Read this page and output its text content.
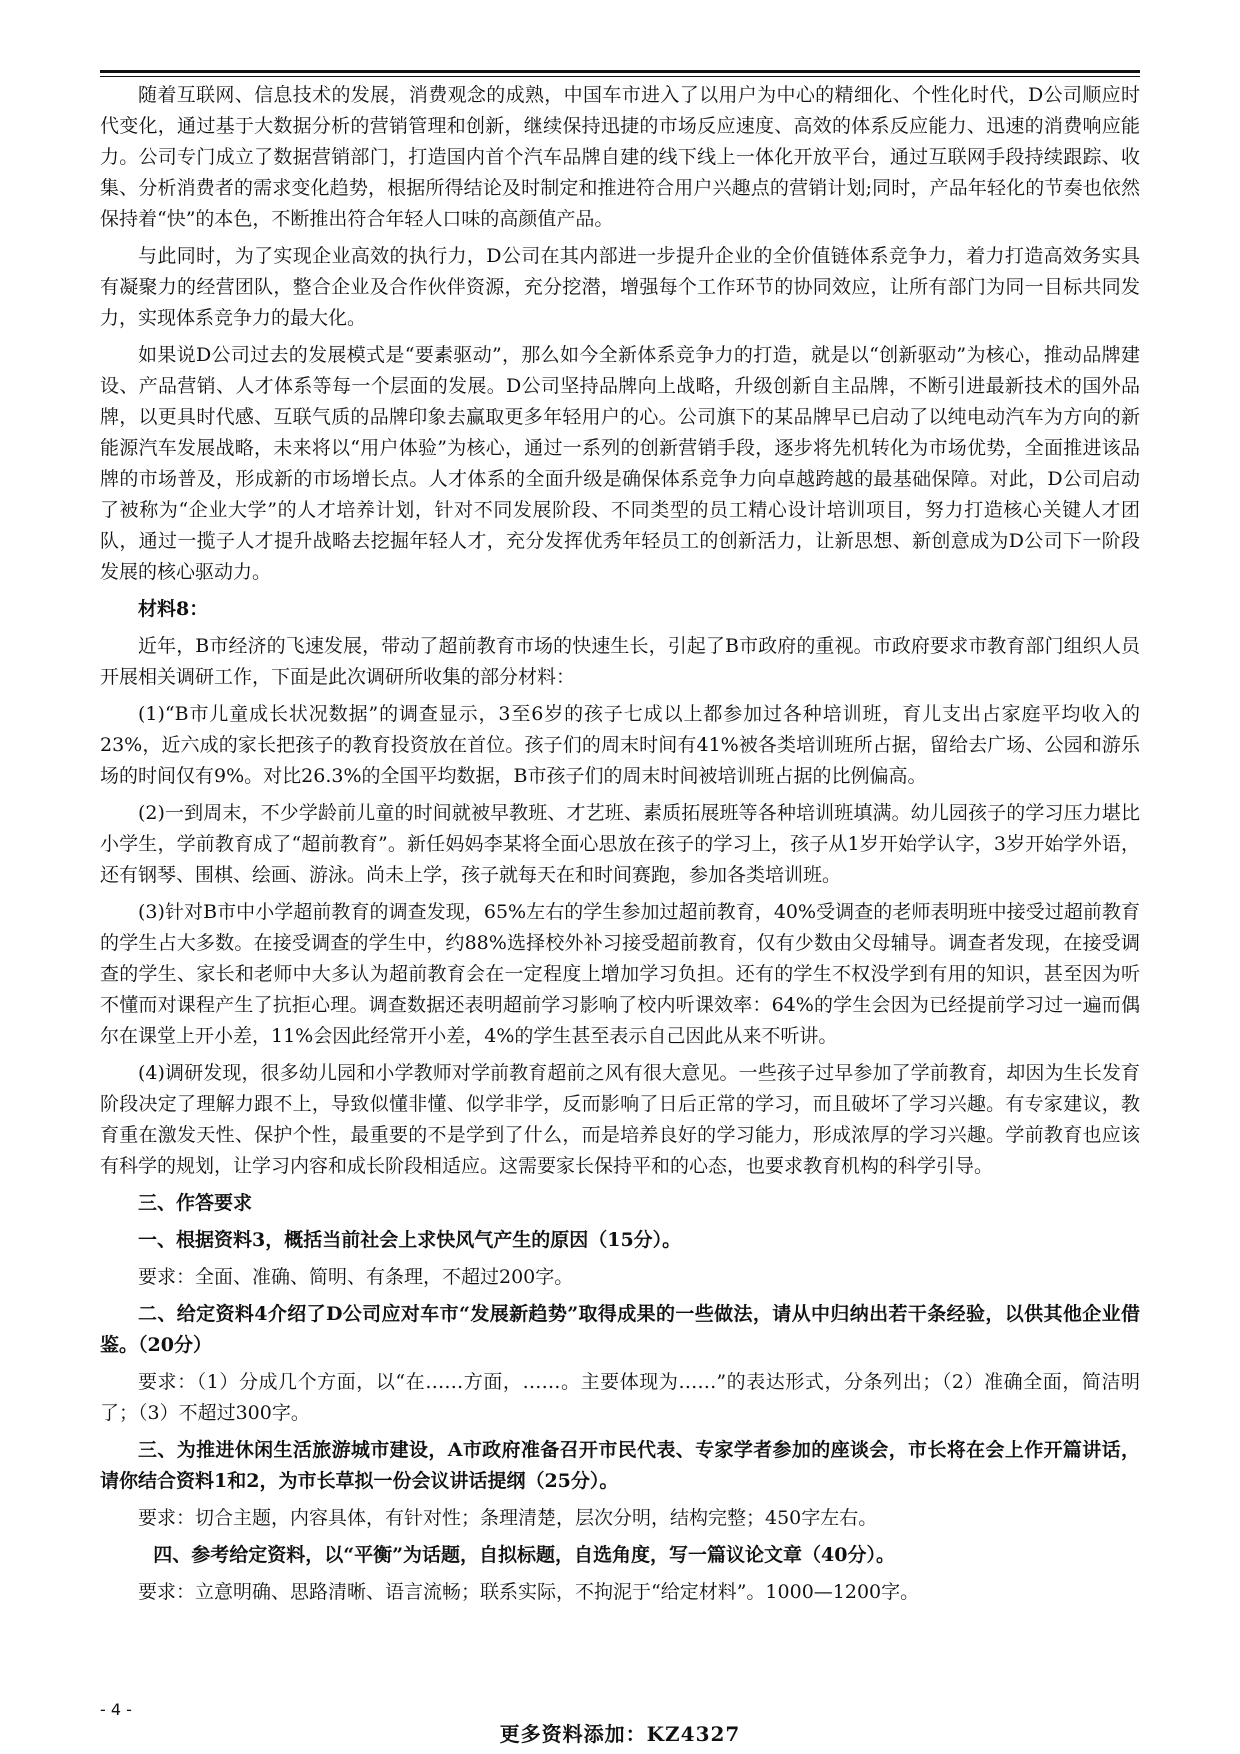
随着互联网、信息技术的发展，消费观念的成熟，中国车市进入了以用户为中心的精细化、个性化时代，D公司顺应时代变化，通过基于大数据分析的营销管理和创新，继续保持迅捷的市场反应速度、高效的体系反应能力、迅速的消费响应能力。公司专门成立了数据营销部门，打造国内首个汽车品牌自建的线下线上一体化开放平台，通过互联网手段持续跟踪、收集、分析消费者的需求变化趋势，根据所得结论及时制定和推进符合用户兴趣点的营销计划;同时，产品年轻化的节奏也依然保持着“快”的本色，不断推出符合年轻人口味的高颜值产品。

与此同时，为了实现企业高效的执行力，D公司在其内部进一步提升企业的全价值链体系竞争力，着力打造高效务实具有凝聚力的经营团队，整合企业及合作伙伴资源，充分挖潜，增强每个工作环节的协同效应，让所有部门为同一目标共同发力，实现体系竞争力的最大化。

如果说D公司过去的发展模式是“要素驱动”，那么如今全新体系竞争力的打造，就是以“创新驱动”为核心，推动品牌建设、产品营销、人才体系等每一个层面的发展。D公司坚持品牌向上战略，升级创新自主品牌，不断引进最新技术的国外品牌，以更具时代感、互联气质的品牌印象去赢取更多年轻用户的心。公司旗下的某品牌早已启动了以纯电动汽车为方向的新能源汽车发展战略，未来将以“用户体验”为核心，通过一系列的创新营销手段，逐步将先机转化为市场优势，全面推进该品牌的市场普及，形成新的市场增长点。人才体系的全面升级是确保体系竞争力向卓越跨越的最基础保障。对此，D公司启动了被称为“企业大学”的人才培养计划，针对不同发展阶段、不同类型的员工精心设计培训项目，努力打造核心关键人才团队，通过一揽子人才提升战略去挖掘年轻人才，充分发挥优秀年轻员工的创新活力，让新思想、新创意成为D公司下一阶段发展的核心驱动力。

材料8：

近年，B市经济的飞速发展，带动了超前教育市场的快速生长，引起了B市政府的重视。市政府要求市教育部门组织人员开展相关调研工作，下面是此次调研所收集的部分材料：

(1)“B市儿童成长状况数据”的调查显示，3至6岁的孩子七成以上都参加过各种培训班，育儿支出占家庭平均收入的23%，近六成的家长把孩子的教育投资放在首位。孩子们的周末时间有41%被各类培训班所占据，留给去广场、公园和游乐场的时间仅有9%。对比26.3%的全国平均数据，B市孩子们的周末时间被培训班占据的比例偏高。

(2)一到周末，不少学龄前儿童的时间就被早教班、才艺班、素质拓展班等各种培训班填满。幼儿园孩子的学习压力堪比小学生，学前教育成了“超前教育”。新任妈妈李某将全面心思放在孩子的学习上，孩子从1岁开始学认字，3岁开始学外语，还有钢琴、围棋、绘画、游泳。尚未上学，孩子就每天在和时间赛跑，参加各类培训班。

(3)针对B市中小学超前教育的调查发现，65%左右的学生参加过超前教育，40%受调查的老师表明班中接受过超前教育的学生占大多数。在接受调查的学生中，约88%选择校外补习接受超前教育，仅有少数由父母辅导。调查者发现，在接受调查的学生、家长和老师中大多认为超前教育会在一定程度上增加学习负担。还有的学生不权没学到有用的知识，甚至因为听不懂而对课程产生了抗拒心理。调查数据还表明超前学习影响了校内听课效率：64%的学生会因为已经提前学习过一遍而偶尔在课堂上开小差，11%会因此经常开小差，4%的学生甚至表示自己因此从来不听讲。

(4)调研发现，很多幼儿园和小学教师对学前教育超前之风有很大意见。一些孩子过早参加了学前教育，却因为生长发育阶段决定了理解力跟不上，导致似懂非懂、似学非学，反而影响了日后正常的学习，而且破坏了学习兴趣。有专家建议，教育重在激发天性、保护个性，最重要的不是学到了什么，而是培养良好的学习能力，形成浓厚的学习兴趣。学前教育也应该有科学的规划，让学习内容和成长阶段相适应。这需要家长保持平和的心态，也要求教育机构的科学引导。

三、作答要求

一、根据资料3，概括当前社会上求快风气产生的原因（15分）。

要求：全面、准确、简明、有条理，不超过200字。

二、给定资料4介绍了D公司应对车市“发展新趋势”取得成果的一些做法，请从中归纳出若干条经验，以供其他企业借鉴。（20分）

要求：（1）分成几个方面，以“在……方面，……。主要体现为……”的表达形式，分条列出；（2）准确全面，简洁明了；（3）不超过300字。

三、为推进休闲生活旅游城市建设，A市政府准备召开市民代表、专家学者参加的座谈会，市长将在会上作开篇讲话，请你结合资料1和2，为市长草拟一份会议讲话提纲（25分）。

要求：切合主题，内容具体，有针对性；条理清楚，层次分明，结构完整；450字左右。

四、参考给定资料，以“平衡”为话题，自拟标题，自选角度，写一篇议论文章（40分）。

要求：立意明确、思路清晰、语言流畅；联系实际，不拘泥于“给定材料”。1000—1200字。

- 4 -
更多资料添加：KZ4327
